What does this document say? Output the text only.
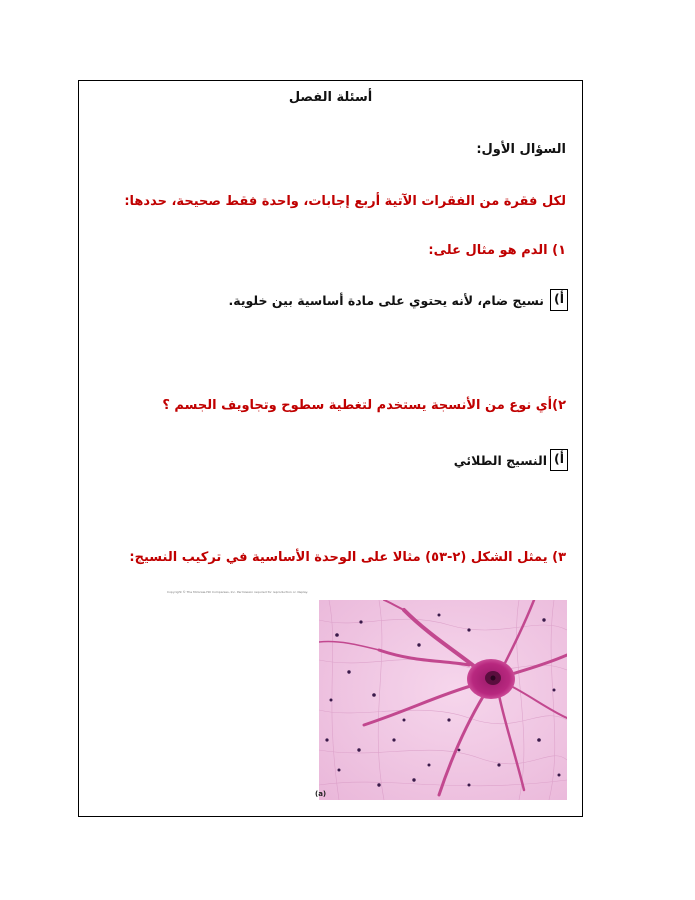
أسئلة الفصل
السؤال الأول:
لكل فقرة من الفقرات الآتية أربع إجابات، واحدة فقط صحيحة، حددها:
١) الدم هو مثال على:
أ)
نسيج ضام، لأنه يحتوي على مادة أساسية بين خلوية.
٢)أي نوع من الأنسجة يستخدم لتغطية سطوح وتجاويف الجسم ؟
أ)
النسيج الطلائي
٣) يمثل الشكل (٢-٥٣) مثالا على الوحدة الأساسية في تركيب النسيج:
Copyright © The McGraw-Hill Companies, Inc. Permission required for reproduction or display.
(a)
